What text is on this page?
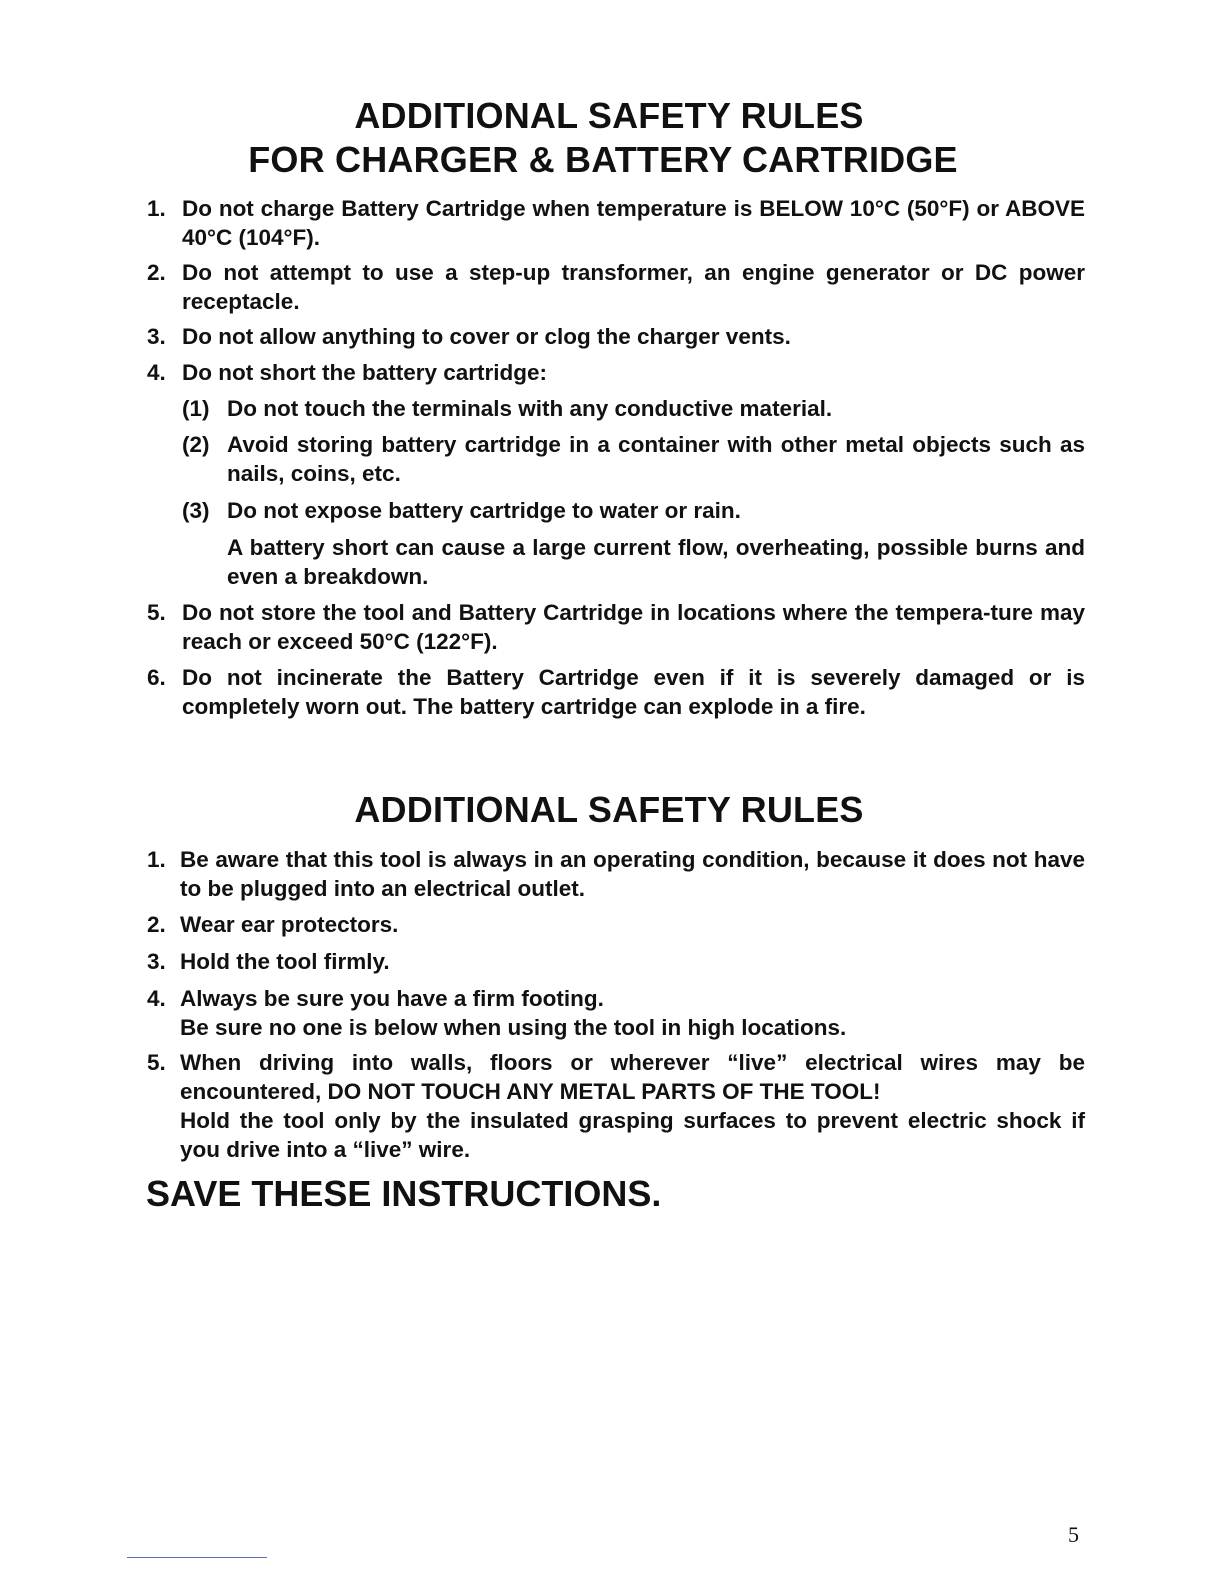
ADDITIONAL SAFETY RULES
FOR CHARGER & BATTERY CARTRIDGE
1. Do not charge Battery Cartridge when temperature is BELOW 10°C (50°F) or ABOVE 40°C (104°F).
2. Do not attempt to use a step-up transformer, an engine generator or DC power receptacle.
3. Do not allow anything to cover or clog the charger vents.
4. Do not short the battery cartridge:
(1) Do not touch the terminals with any conductive material.
(2) Avoid storing battery cartridge in a container with other metal objects such as nails, coins, etc.
(3) Do not expose battery cartridge to water or rain.
A battery short can cause a large current flow, overheating, possible burns and even a breakdown.
5. Do not store the tool and Battery Cartridge in locations where the tempera-ture may reach or exceed 50°C (122°F).
6. Do not incinerate the Battery Cartridge even if it is severely damaged or is completely worn out. The battery cartridge can explode in a fire.
ADDITIONAL SAFETY RULES
1. Be aware that this tool is always in an operating condition, because it does not have to be plugged into an electrical outlet.
2. Wear ear protectors.
3. Hold the tool firmly.
4. Always be sure you have a firm footing.
Be sure no one is below when using the tool in high locations.
5. When driving into walls, floors or wherever “live” electrical wires may be encountered, DO NOT TOUCH ANY METAL PARTS OF THE TOOL!
Hold the tool only by the insulated grasping surfaces to prevent electric shock if you drive into a “live” wire.
SAVE THESE INSTRUCTIONS.
5
